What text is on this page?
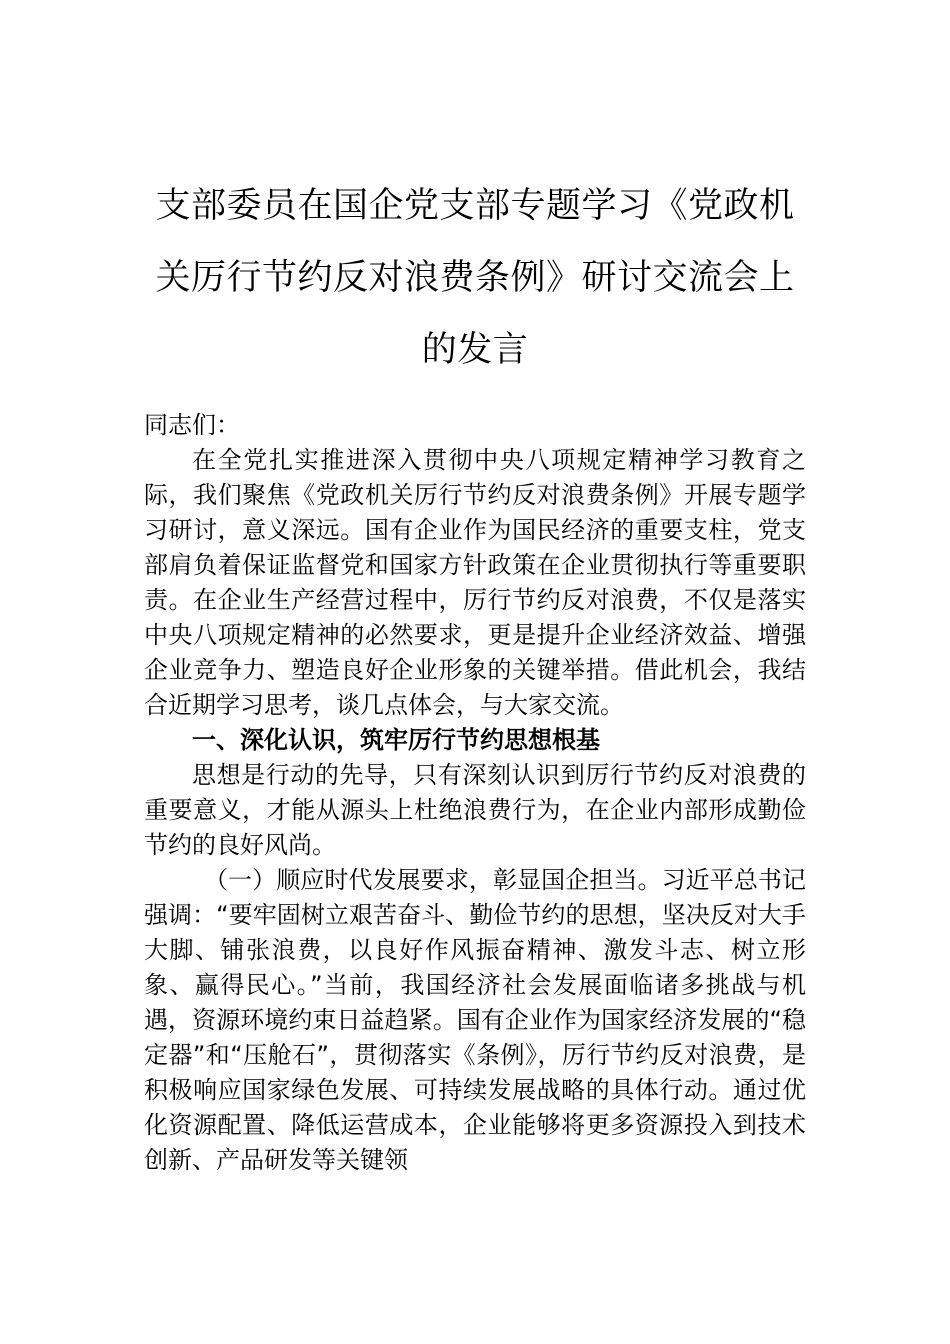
支部委员在国企党支部专题学习《党政机
关厉行节约反对浪费条例》研讨交流会上
的发言

同志们：

在全党扎实推进深入贯彻中央八项规定精神学习教育之际，我们聚焦《党政机关厉行节约反对浪费条例》开展专题学习研讨，意义深远。国有企业作为国民经济的重要支柱，党支部肩负着保证监督党和国家方针政策在企业贯彻执行等重要职责。在企业生产经营过程中，厉行节约反对浪费，不仅是落实中央八项规定精神的必然要求，更是提升企业经济效益、增强企业竞争力、塑造良好企业形象的关键举措。借此机会，我结合近期学习思考，谈几点体会，与大家交流。

一、深化认识，筑牢厉行节约思想根基

思想是行动的先导，只有深刻认识到厉行节约反对浪费的重要意义，才能从源头上杜绝浪费行为，在企业内部形成勤俭节约的良好风尚。

（一）顺应时代发展要求，彰显国企担当。习近平总书记强调：“要牢固树立艰苦奋斗、勤俭节约的思想，坚决反对大手大脚、铺张浪费，以良好作风振奋精神、激发斗志、树立形象、赢得民心。”当前，我国经济社会发展面临诸多挑战与机遇，资源环境约束日益趋紧。国有企业作为国家经济发展的“稳定器”和“压舱石”，贯彻落实《条例》，厉行节约反对浪费，是积极响应国家绿色发展、可持续发展战略的具体行动。通过优化资源配置、降低运营成本，企业能够将更多资源投入到技术创新、产品研发等关键领
